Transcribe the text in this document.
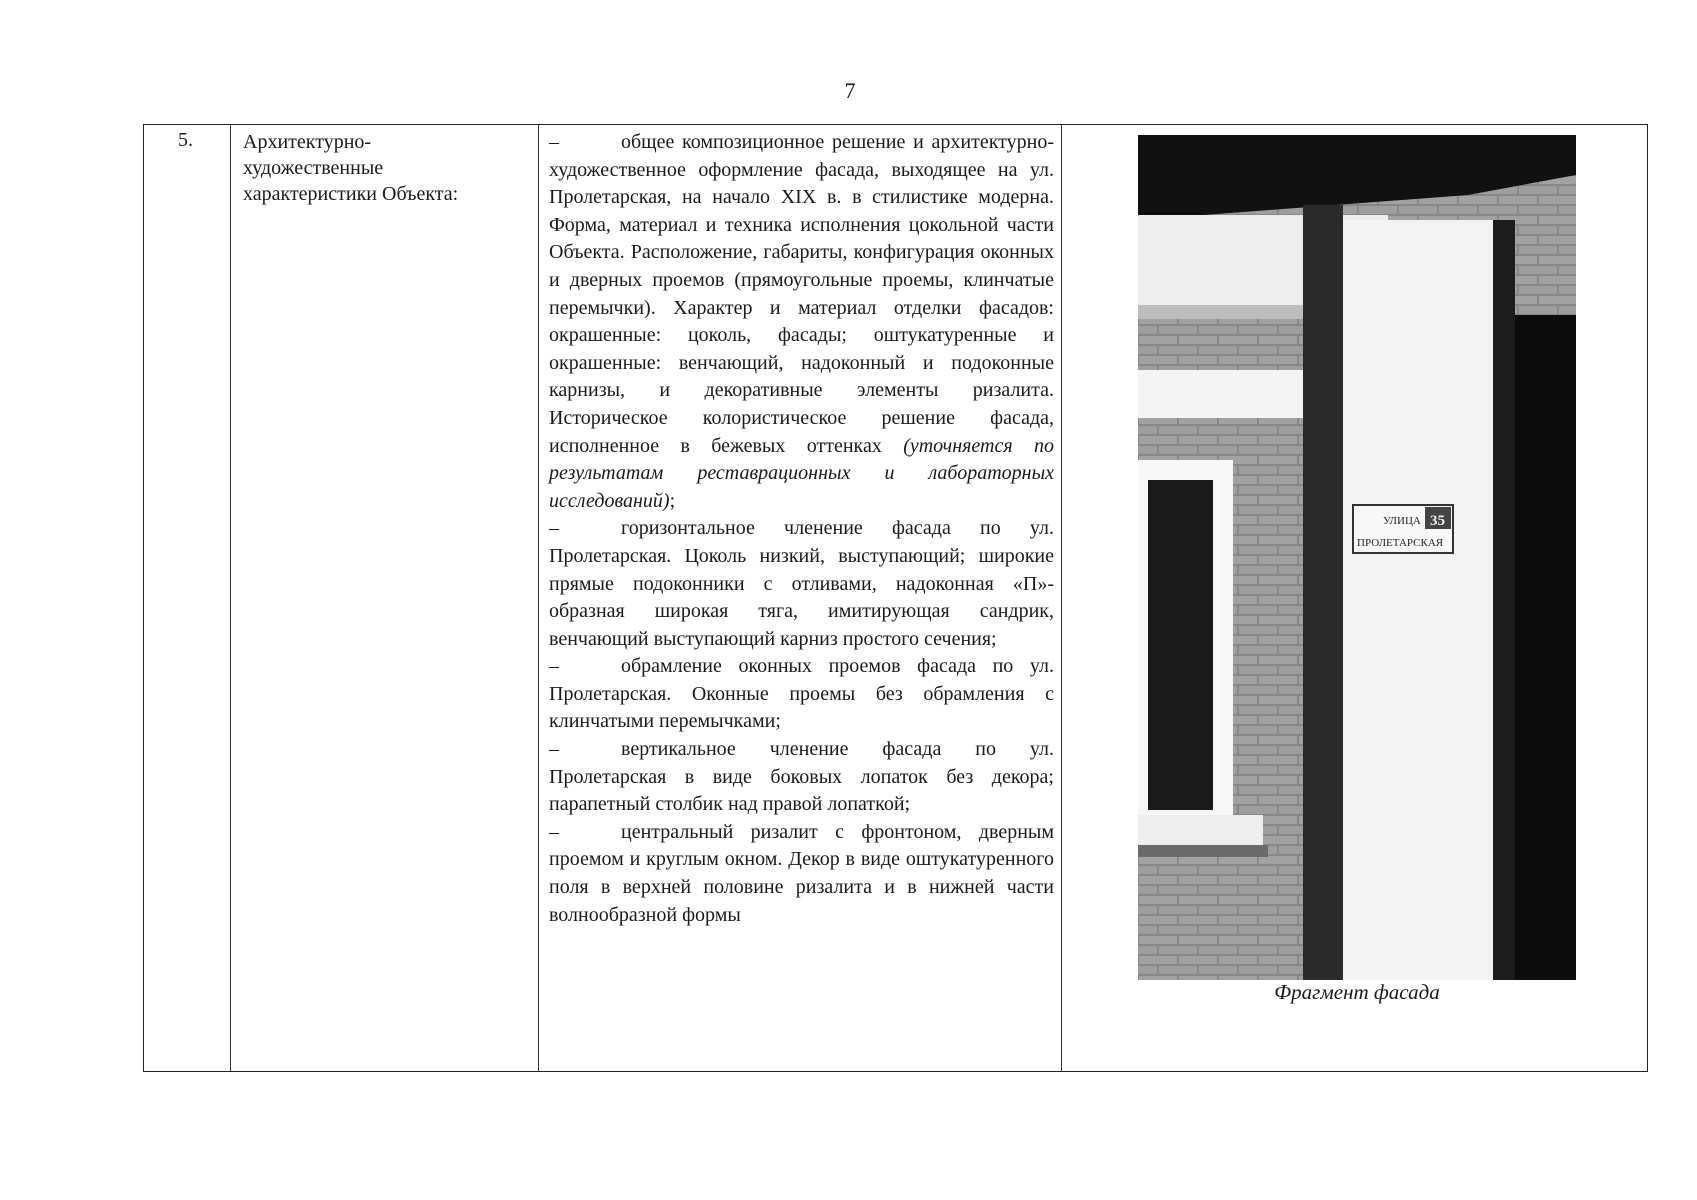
7
5.	Архитектурно-
художественные
характеристики Объекта:

–	общее композиционное решение и архитектурно-художественное оформление фасада, выходящее на ул. Пролетарская, на начало XIX в. в стилистике модерна. Форма, материал и техника исполнения цокольной части Объекта. Расположение, габариты, конфигурация оконных и дверных проемов (прямоугольные проемы, клинчатые перемычки). Характер и материал отделки фасадов: окрашенные: цоколь, фасады; оштукатуренные и окрашенные: венчающий, надоконный и подоконные карнизы, и декоративные элементы ризалита. Историческое колористическое решение фасада, исполненное в бежевых оттенках (уточняется по результатам реставрационных и лабораторных исследований);

–	горизонтальное членение фасада по ул. Пролетарская. Цоколь низкий, выступающий; широкие прямые подоконники с отливами, надоконная «П»-образная широкая тяга, имитирующая сандрик, венчающий выступающий карниз простого сечения;

–	обрамление оконных проемов фасада по ул. Пролетарская. Оконные проемы без обрамления с клинчатыми перемычками;

–	вертикальное членение фасада по ул. Пролетарская в виде боковых лопаток без декора; парапетный столбик над правой лопаткой;

–	центральный ризалит с фронтоном, дверным проемом и круглым окном. Декор в виде оштукатуренного поля в верхней половине ризалита и в нижней части волнообразной формы

УЛИЦА 35
ПРОЛЕТАРСКАЯ
Фрагмент фасада
